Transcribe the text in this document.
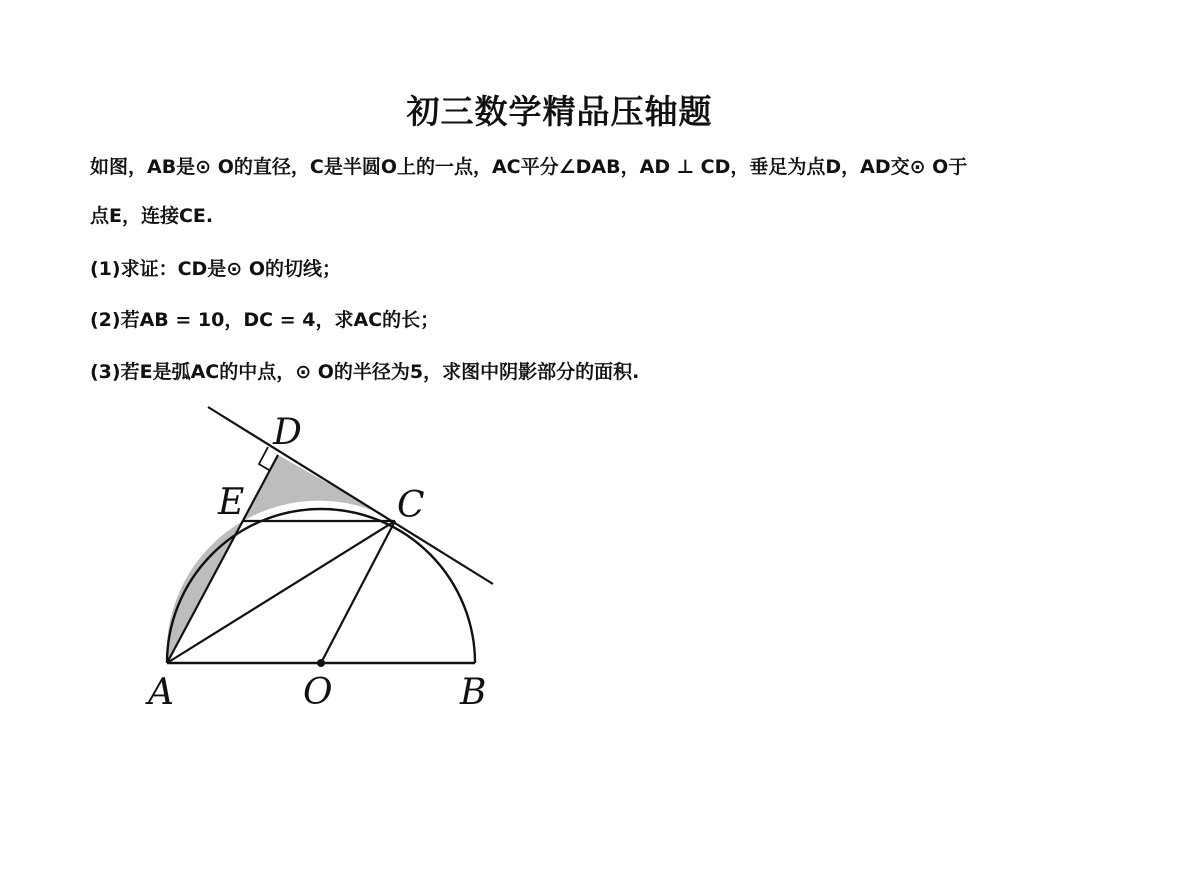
初三数学精品压轴题
如图，AB是⊙ O的直径，C是半圆O上的一点，AC平分∠DAB，AD ⊥ CD，垂足为点D，AD交⊙ O于
点E，连接CE.
(1)求证：CD是⊙ O的切线；
(2)若AB = 10，DC = 4，求AC的长；
(3)若E是弧AC的中点，⊙ O的半径为5，求图中阴影部分的面积.
D
E	C
A	O	B
